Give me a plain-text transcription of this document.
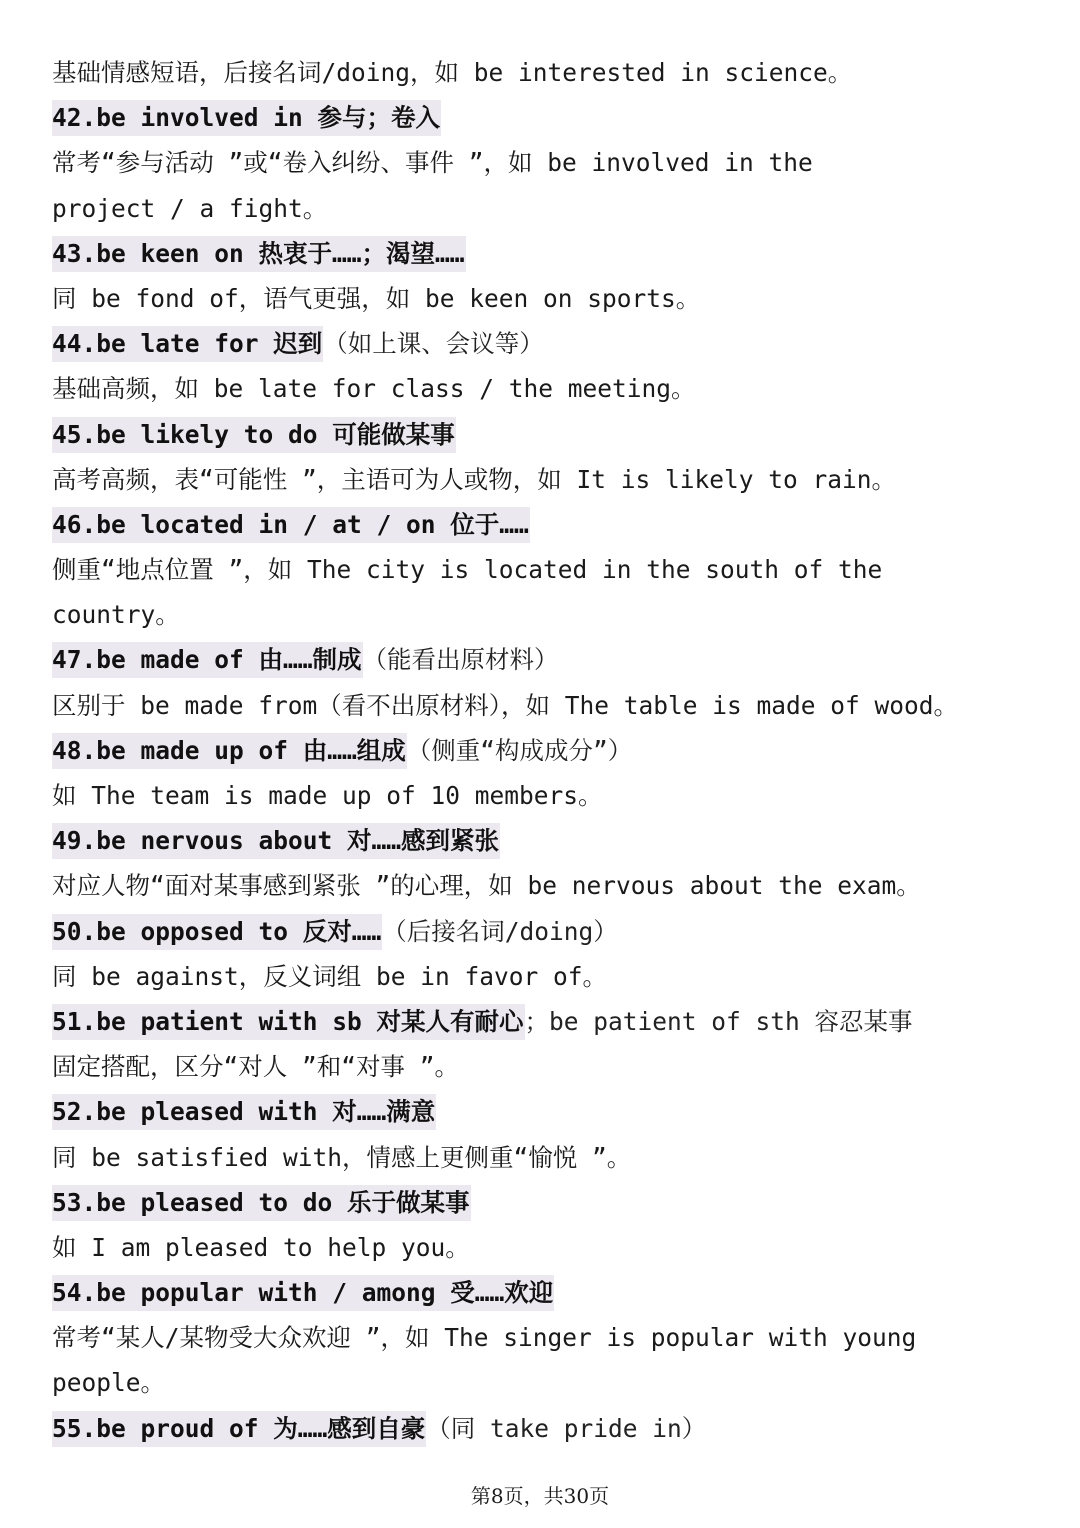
基础情感短语，后接名词/doing，如 be interested in science。
42.be involved in 参与；卷入
常考“参与活动 ”或“卷入纠纷、事件 ”，如 be involved in the
project / a fight。
43.be keen on 热衷于……；渴望……
同 be fond of，语气更强，如 be keen on sports。
44.be late for 迟到（如上课、会议等）
基础高频，如 be late for class / the meeting。
45.be likely to do 可能做某事
高考高频，表“可能性 ”，主语可为人或物，如 It is likely to rain。
46.be located in / at / on 位于……
侧重“地点位置 ”，如 The city is located in the south of the
country。
47.be made of 由……制成（能看出原材料）
区别于 be made from（看不出原材料），如 The table is made of wood。
48.be made up of 由……组成（侧重“构成成分”）
如 The team is made up of 10 members。
49.be nervous about 对……感到紧张
对应人物“面对某事感到紧张 ”的心理，如 be nervous about the exam。
50.be opposed to 反对……（后接名词/doing）
同 be against，反义词组 be in favor of。
51.be patient with sb 对某人有耐心；be patient of sth 容忍某事
固定搭配，区分“对人 ”和“对事 ”。
52.be pleased with 对……满意
同 be satisfied with，情感上更侧重“愉悦 ”。
53.be pleased to do 乐于做某事
如 I am pleased to help you。
54.be popular with / among 受……欢迎
常考“某人/某物受大众欢迎 ”，如 The singer is popular with young
people。
55.be proud of 为……感到自豪（同 take pride in）
第8页，共30页
